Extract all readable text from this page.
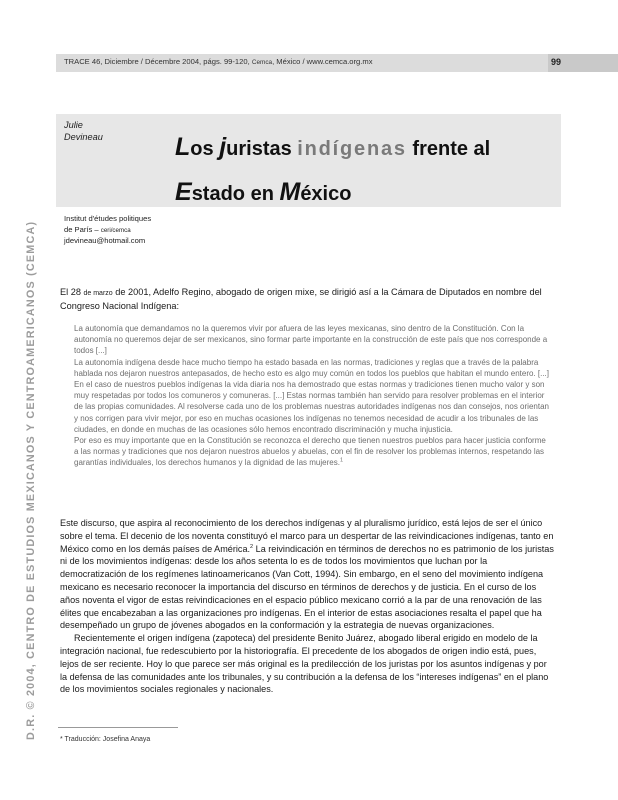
TRACE 46, Diciembre / Décembre 2004, págs. 99-120, Cemca, México / www.cemca.org.mx	99
Julie
Devineau	Los juristas indígenas frente al
Estado en México
Institut d'études politiques
de París – ceri/cemca
jdevineau@hotmail.com
D.R. © 2004, CENTRO DE ESTUDIOS MEXICANOS Y CENTROAMERICANOS (CEMCA)	El 28 de marzo de 2001, Adelfo Regino, abogado de origen mixe, se dirigió así a la Cámara de Diputados en nombre del Congreso Nacional Indígena:

La autonomía que demandamos no la queremos vivir por afuera de las leyes mexicanas, sino dentro de la Constitución. Con la autonomía no queremos dejar de ser mexicanos, sino formar parte importante en la construcción de este país que nos corresponde a todos [...]

La autonomía indígena desde hace mucho tiempo ha estado basada en las normas, tradiciones y reglas que a través de la palabra hablada nos dejaron nuestros antepasados, de hecho esto es algo muy común en todos los pueblos que habitan el mundo entero. [...] En el caso de nuestros pueblos indígenas la vida diaria nos ha demostrado que estas normas y tradiciones tienen mucho valor y son muy respetadas por todos los comuneros y comuneras. [...] Estas normas también han servido para resolver problemas en el interior de las propias comunidades. Al resolverse cada uno de los problemas nuestras autoridades indígenas nos dan consejos, nos orientan y nos corrigen para vivir mejor, por eso en muchas ocasiones los indígenas no tenemos necesidad de acudir a los tribunales de las ciudades, en donde en muchas de las ocasiones sólo hemos encontrado discriminación y mucha injusticia.

Por eso es muy importante que en la Constitución se reconozca el derecho que tienen nuestros pueblos para hacer justicia conforme a las normas y tradiciones que nos dejaron nuestros abuelos y abuelas, con el fin de resolver los problemas internos, respetando las garantías individuales, los derechos humanos y la dignidad de las mujeres.$^1$

Este discurso, que aspira al reconocimiento de los derechos indígenas y al pluralismo jurídico, está lejos de ser el único sobre el tema. El decenio de los noventa constituyó el marco para un despertar de las reivindicaciones indígenas, tanto en México como en los demás países de América.$^2$ La reivindicación en términos de derechos no es patrimonio de los juristas ni de los movimientos indígenas: desde los años setenta lo es de todos los movimientos que luchan por la democratización de los regímenes latinoamericanos (Van Cott, 1994). Sin embargo, en el seno del movimiento indígena mexicano es necesario reconocer la importancia del discurso en términos de derechos y de justicia. En el curso de los años noventa el vigor de estas reivindicaciones en el espacio público mexicano corrió a la par de una renovación de las élites que encabezaban a las organizaciones pro indígenas. En el interior de estas asociaciones resalta el papel que ha desempeñado un grupo de jóvenes abogados en la conformación y la estrategia de nuevas organizaciones.

Recientemente el origen indígena (zapoteca) del presidente Benito Juárez, abogado liberal erigido en modelo de la integración nacional, fue redescubierto por la historiografía. El precedente de los abogados de origen indio está, pues, lejos de ser reciente. Hoy lo que parece ser más original es la predilección de los juristas por los asuntos indígenas y por la defensa de las comunidades ante los tribunales, y su contribución a la defensa de los “intereses indígenas” en el plano de los movimientos sociales regionales y nacionales.

* Traducción: Josefina Anaya
